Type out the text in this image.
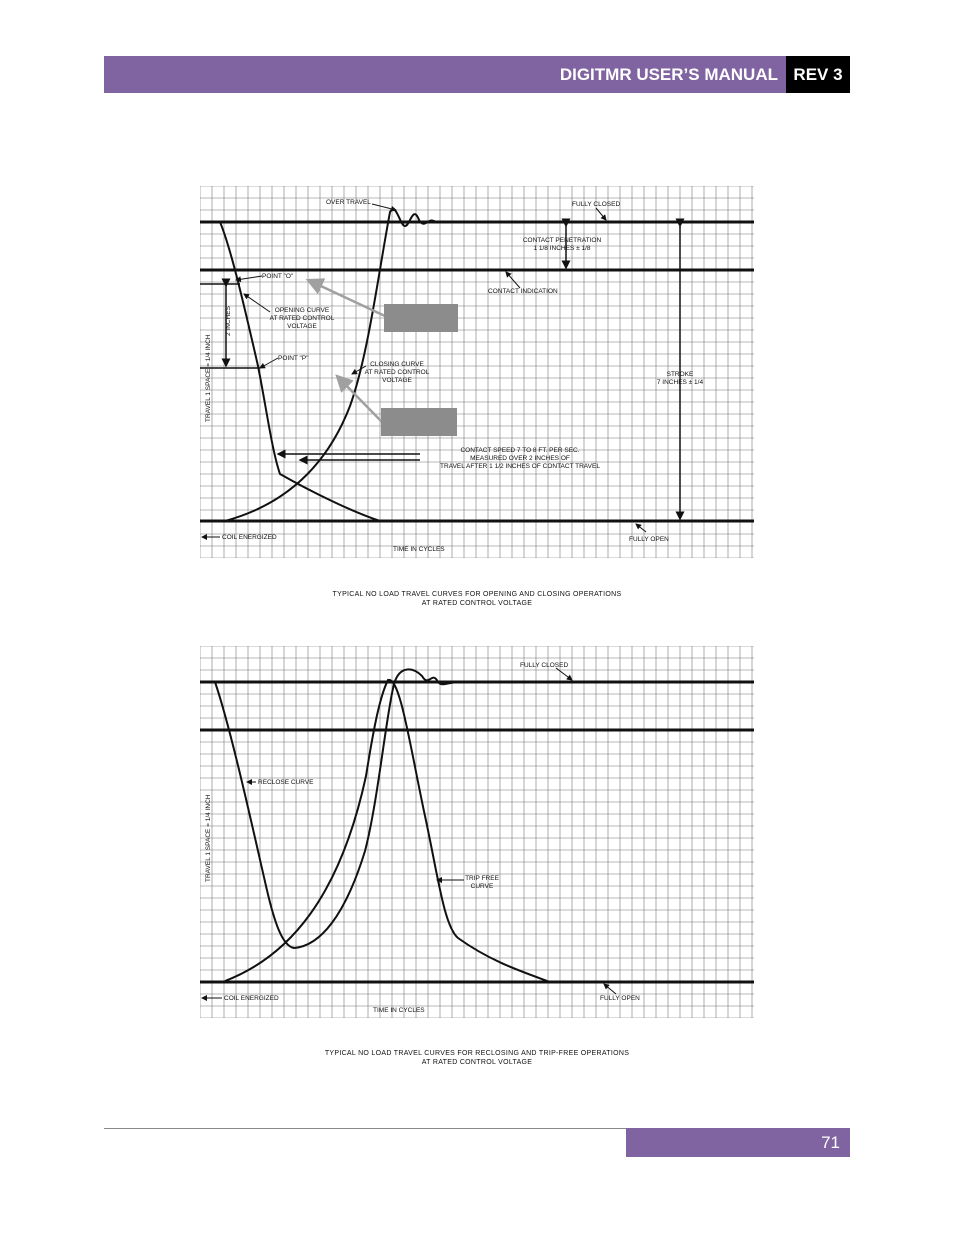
DIGITMR USER’S MANUAL REV 3
OVER TRAVEL	FULLY CLOSED
CONTACT PENETRATION
1 1/8 INCHES ± 1/8
CONTACT INDICATION
POINT "O"
OPENING CURVE
AT RATED CONTROL
VOLTAGE
2 INCHES
TRAVEL 1 SPACE = 1/4 INCH	POINT "P"
CLOSING CURVE
AT RATED CONTROL
VOLTAGE
STROKE
7 INCHES ± 1/4
CONTACT SPEED 7 TO 8 FT. PER SEC.
MEASURED OVER 2 INCHES OF
TRAVEL AFTER 1 1/2 INCHES OF CONTACT TRAVEL
COIL ENERGIZED
TIME IN CYCLES
FULLY OPEN
TYPICAL NO LOAD TRAVEL CURVES FOR OPENING AND CLOSING OPERATIONS
AT RATED CONTROL VOLTAGE
FULLY CLOSED
RECLOSE CURVE
TRAVEL 1 SPACE = 1/4 INCH	TRIP FREE
CURVE
COIL ENERGIZED
TIME IN CYCLES
FULLY OPEN
TYPICAL NO LOAD TRAVEL CURVES FOR RECLOSING AND TRIP-FREE OPERATIONS
AT RATED CONTROL VOLTAGE
71
